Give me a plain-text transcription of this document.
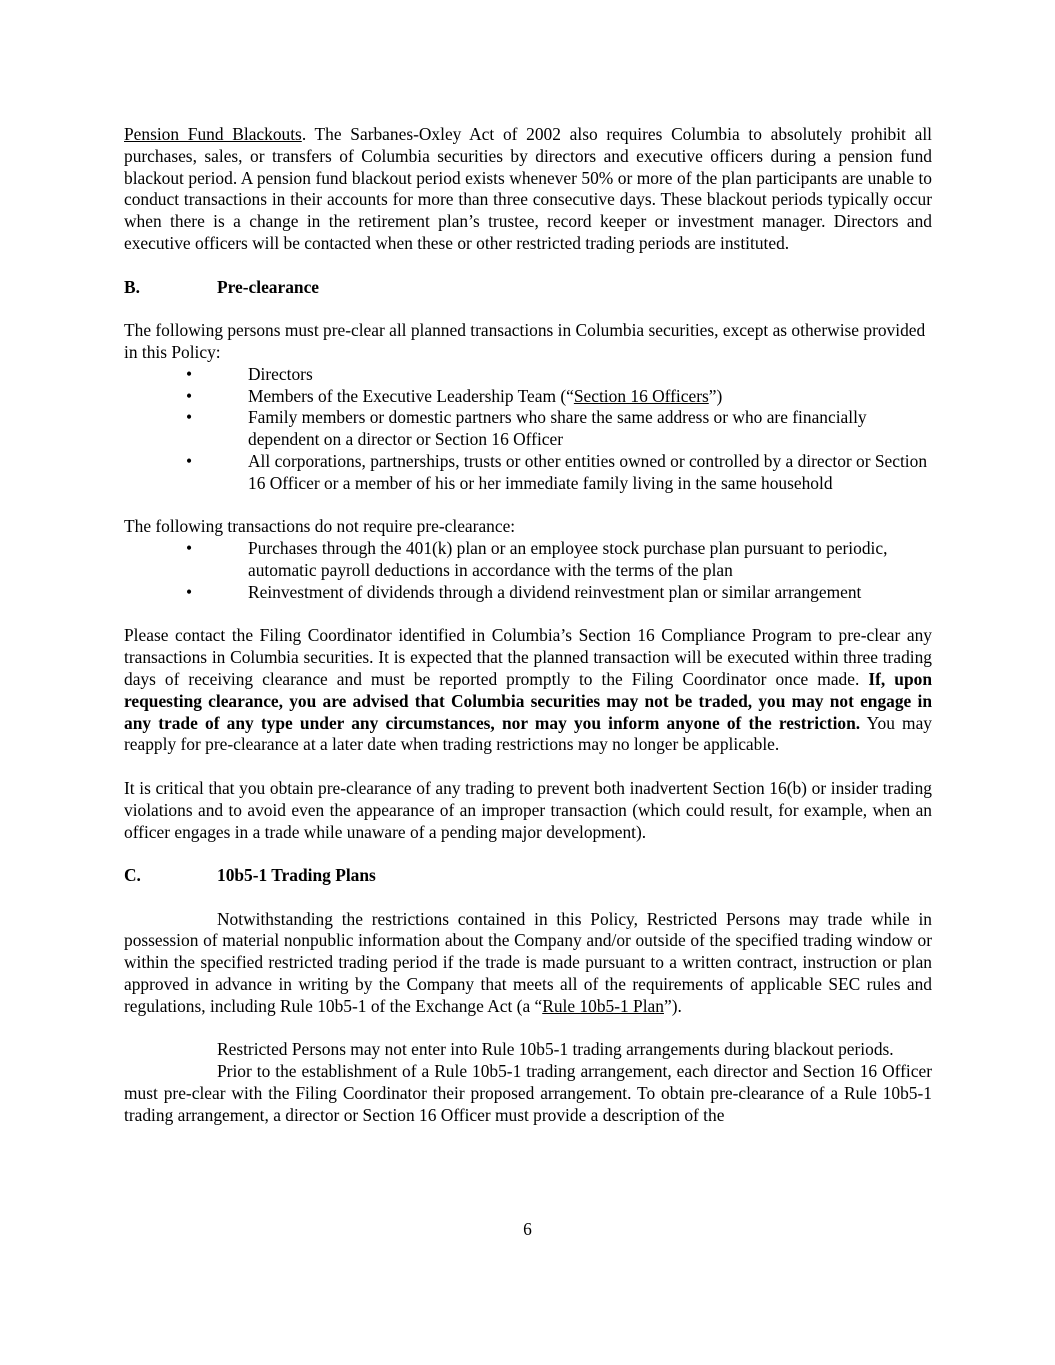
Pension Fund Blackouts. The Sarbanes-Oxley Act of 2002 also requires Columbia to absolutely prohibit all purchases, sales, or transfers of Columbia securities by directors and executive officers during a pension fund blackout period. A pension fund blackout period exists whenever 50% or more of the plan participants are unable to conduct transactions in their accounts for more than three consecutive days. These blackout periods typically occur when there is a change in the retirement plan’s trustee, record keeper or investment manager. Directors and executive officers will be contacted when these or other restricted trading periods are instituted.

B.	Pre-clearance

The following persons must pre-clear all planned transactions in Columbia securities, except as otherwise provided in this Policy:

•	Directors
•	Members of the Executive Leadership Team (“Section 16 Officers”)
•	Family members or domestic partners who share the same address or who are financially dependent on a director or Section 16 Officer
•	All corporations, partnerships, trusts or other entities owned or controlled by a director or Section 16 Officer or a member of his or her immediate family living in the same household

The following transactions do not require pre-clearance:

•	Purchases through the 401(k) plan or an employee stock purchase plan pursuant to periodic, automatic payroll deductions in accordance with the terms of the plan
•	Reinvestment of dividends through a dividend reinvestment plan or similar arrangement

Please contact the Filing Coordinator identified in Columbia’s Section 16 Compliance Program to pre-clear any transactions in Columbia securities. It is expected that the planned transaction will be executed within three trading days of receiving clearance and must be reported promptly to the Filing Coordinator once made. If, upon requesting clearance, you are advised that Columbia securities may not be traded, you may not engage in any trade of any type under any circumstances, nor may you inform anyone of the restriction. You may reapply for pre-clearance at a later date when trading restrictions may no longer be applicable.

It is critical that you obtain pre-clearance of any trading to prevent both inadvertent Section 16(b) or insider trading violations and to avoid even the appearance of an improper transaction (which could result, for example, when an officer engages in a trade while unaware of a pending major development).

C.	10b5-1 Trading Plans

Notwithstanding the restrictions contained in this Policy, Restricted Persons may trade while in possession of material nonpublic information about the Company and/or outside of the specified trading window or within the specified restricted trading period if the trade is made pursuant to a written contract, instruction or plan approved in advance in writing by the Company that meets all of the requirements of applicable SEC rules and regulations, including Rule 10b5-1 of the Exchange Act (a “Rule 10b5-1 Plan”).

Restricted Persons may not enter into Rule 10b5-1 trading arrangements during blackout periods.

Prior to the establishment of a Rule 10b5-1 trading arrangement, each director and Section 16 Officer must pre-clear with the Filing Coordinator their proposed arrangement. To obtain pre-clearance of a Rule 10b5-1 trading arrangement, a director or Section 16 Officer must provide a description of the

6
